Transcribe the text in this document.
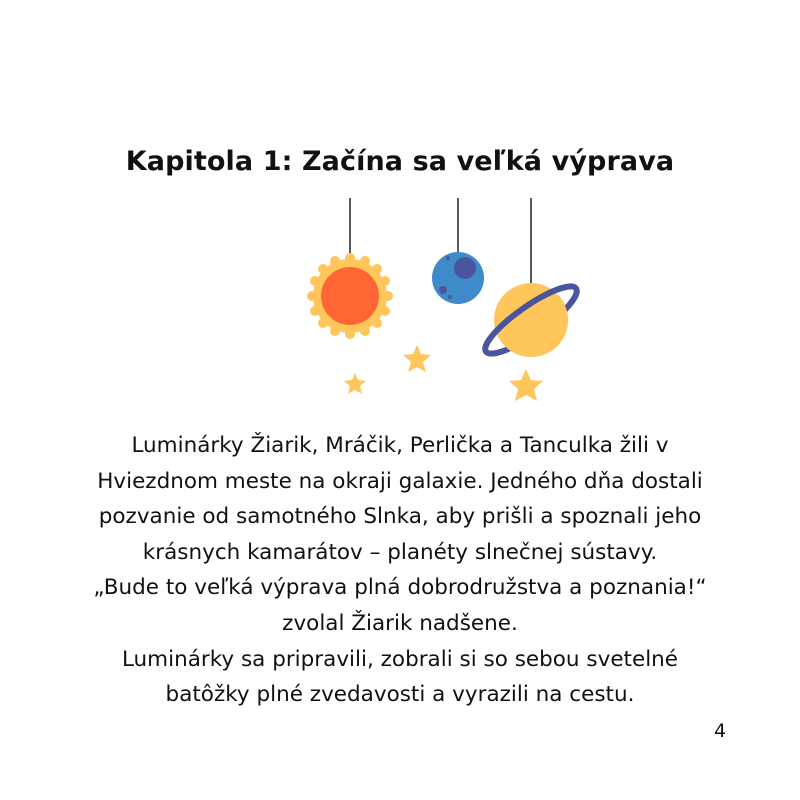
Kapitola 1: Začína sa veľká výprava
Luminárky Žiarik, Mráčik, Perlička a Tanculka žili v
Hviezdnom meste na okraji galaxie. Jedného dňa dostali
pozvanie od samotného Slnka, aby prišli a spoznali jeho
krásnych kamarátov – planéty slnečnej sústavy.
„Bude to veľká výprava plná dobrodružstva a poznania!“
zvolal Žiarik nadšene.
Luminárky sa pripravili, zobrali si so sebou svetelné
batôžky plné zvedavosti a vyrazili na cestu.
4
